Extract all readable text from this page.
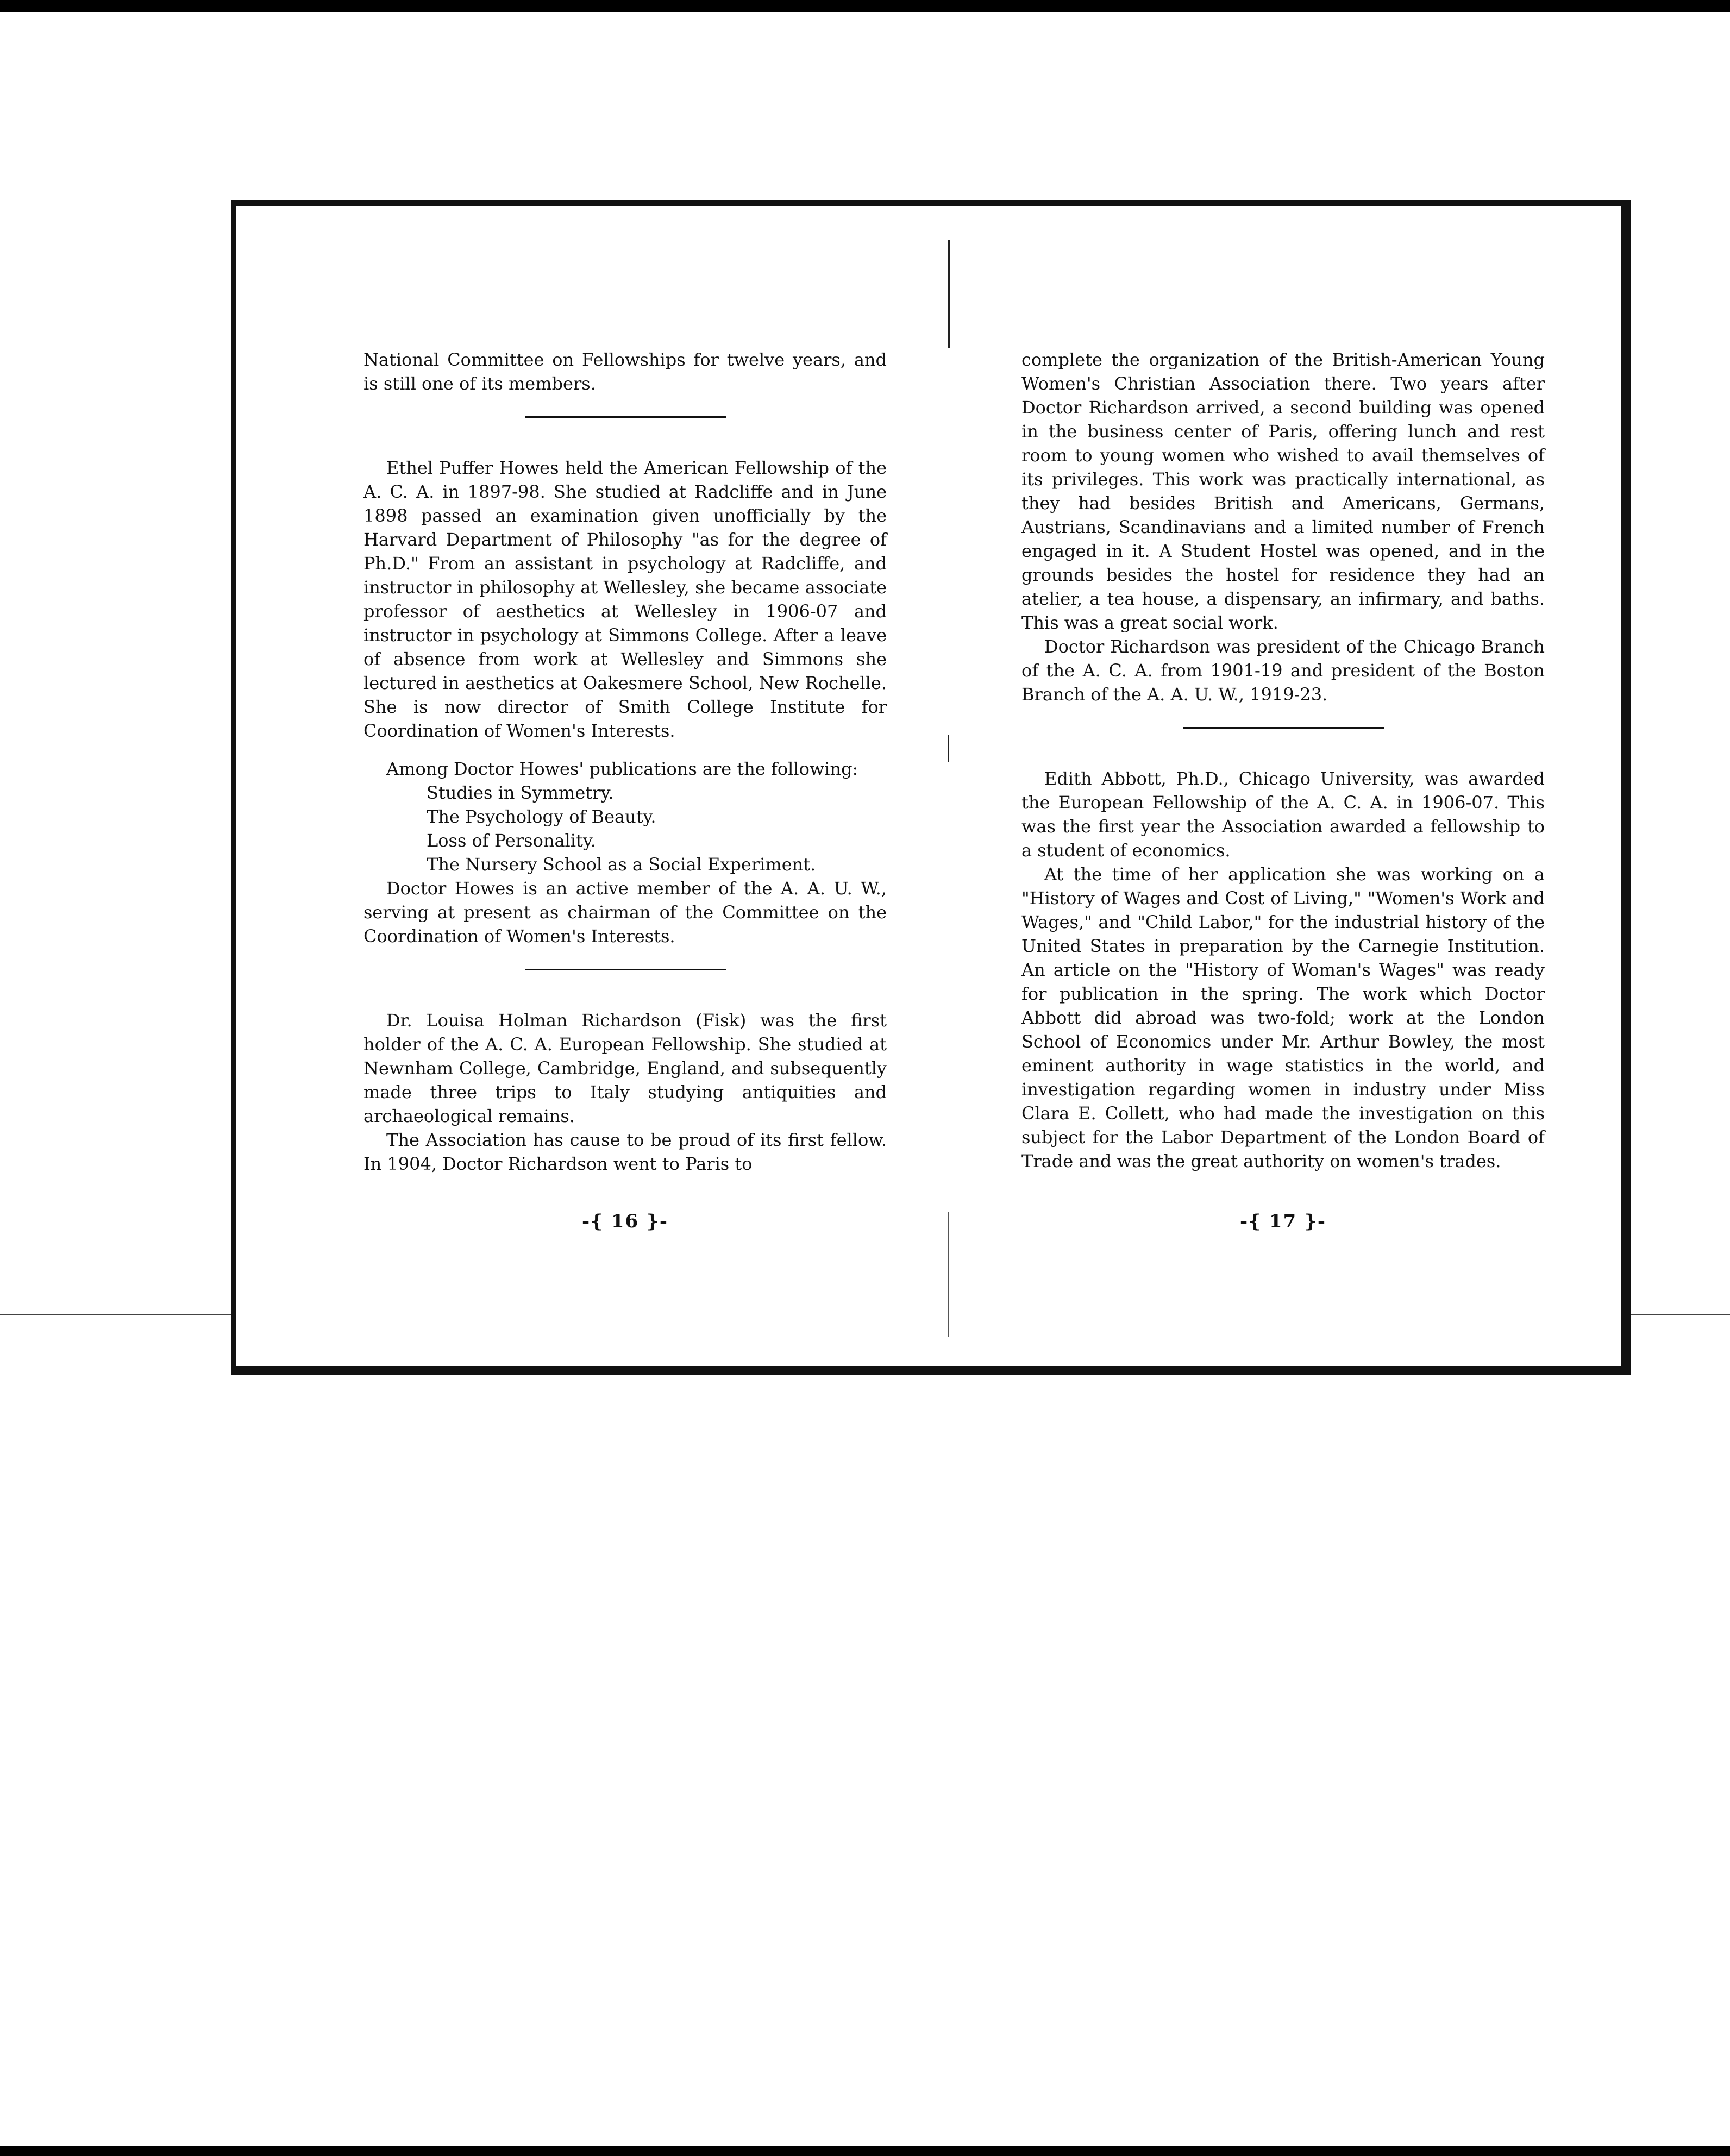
National Committee on Fellowships for twelve years, and is still one of its members.

Ethel Puffer Howes held the American Fellowship of the A. C. A. in 1897-98. She studied at Radcliffe and in June 1898 passed an examination given unofficially by the Harvard Department of Philosophy "as for the degree of Ph.D." From an assistant in psychology at Radcliffe, and instructor in philosophy at Wellesley, she became associate professor of aesthetics at Wellesley in 1906-07 and instructor in psychology at Simmons College. After a leave of absence from work at Wellesley and Simmons she lectured in aesthetics at Oakesmere School, New Rochelle. She is now director of Smith College Institute for Coordination of Women's Interests.

Among Doctor Howes' publications are the following:

Studies in Symmetry.
The Psychology of Beauty.
Loss of Personality.
The Nursery School as a Social Experiment.

Doctor Howes is an active member of the A. A. U. W., serving at present as chairman of the Committee on the Coordination of Women's Interests.

Dr. Louisa Holman Richardson (Fisk) was the first holder of the A. C. A. European Fellowship. She studied at Newnham College, Cambridge, England, and subsequently made three trips to Italy studying antiquities and archaeological remains.

The Association has cause to be proud of its first fellow. In 1904, Doctor Richardson went to Paris to

-{ 16 }-

complete the organization of the British-American Young Women's Christian Association there. Two years after Doctor Richardson arrived, a second building was opened in the business center of Paris, offering lunch and rest room to young women who wished to avail themselves of its privileges. This work was practically international, as they had besides British and Americans, Germans, Austrians, Scandinavians and a limited number of French engaged in it. A Student Hostel was opened, and in the grounds besides the hostel for residence they had an atelier, a tea house, a dispensary, an infirmary, and baths. This was a great social work.

Doctor Richardson was president of the Chicago Branch of the A. C. A. from 1901-19 and president of the Boston Branch of the A. A. U. W., 1919-23.

Edith Abbott, Ph.D., Chicago University, was awarded the European Fellowship of the A. C. A. in 1906-07. This was the first year the Association awarded a fellowship to a student of economics.

At the time of her application she was working on a "History of Wages and Cost of Living," "Women's Work and Wages," and "Child Labor," for the industrial history of the United States in preparation by the Carnegie Institution. An article on the "History of Woman's Wages" was ready for publication in the spring. The work which Doctor Abbott did abroad was two-fold; work at the London School of Economics under Mr. Arthur Bowley, the most eminent authority in wage statistics in the world, and investigation regarding women in industry under Miss Clara E. Collett, who had made the investigation on this subject for the Labor Department of the London Board of Trade and was the great authority on women's trades.

-{ 17 }-
